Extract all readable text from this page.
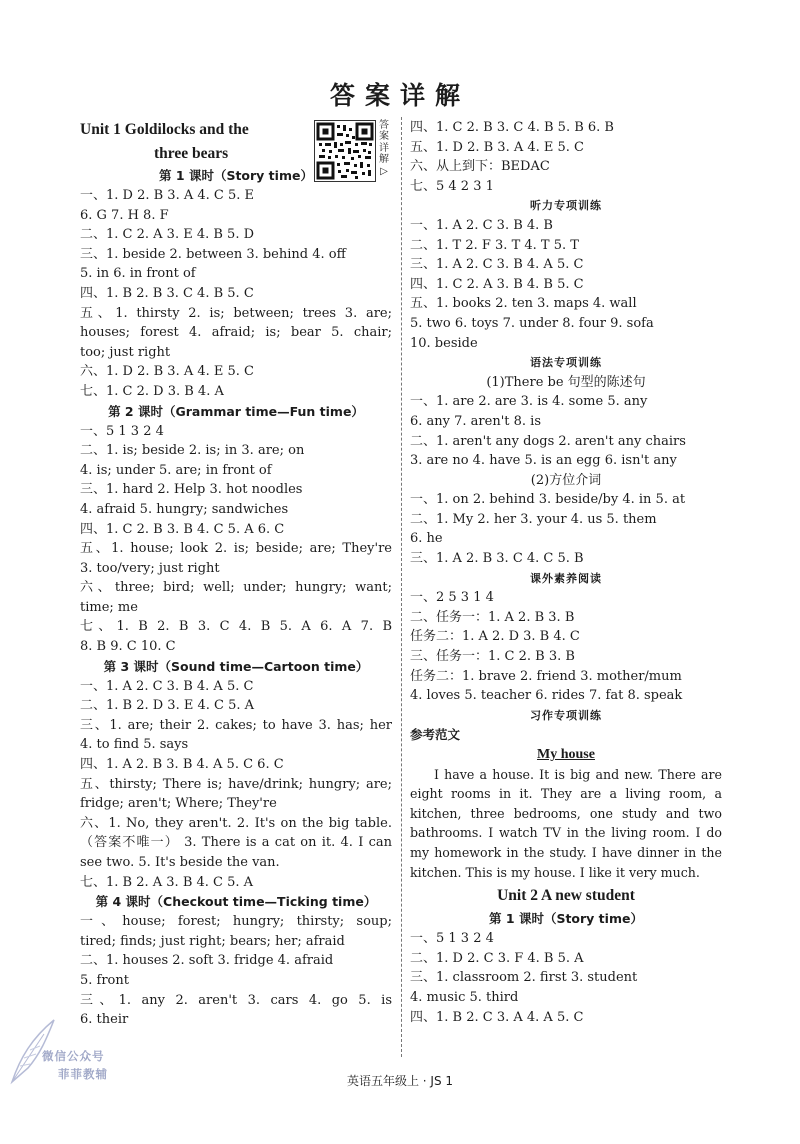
答案详解
Unit 1 Goldilocks and the
three bears
第 1 课时（Story time）
一、1. D 2. B 3. A 4. C 5. E
6. G 7. H 8. F
二、1. C 2. A 3. E 4. B 5. D
三、1. beside 2. between 3. behind 4. off
5. in 6. in front of
四、1. B 2. B 3. C 4. B 5. C
五、1. thirsty 2. is; between; trees 3. are;
houses; forest 4. afraid; is; bear 5. chair;
too; just right
六、1. D 2. B 3. A 4. E 5. C
七、1. C 2. D 3. B 4. A
第 2 课时（Grammar time—Fun time）
一、5 1 3 2 4
二、1. is; beside 2. is; in 3. are; on
4. is; under 5. are; in front of
三、1. hard 2. Help 3. hot noodles
4. afraid 5. hungry; sandwiches
四、1. C 2. B 3. B 4. C 5. A 6. C
五、1. house; look 2. is; beside; are; They're
3. too/very; just right
六、three; bird; well; under; hungry; want;
time; me
七、1. B 2. B 3. C 4. B 5. A 6. A 7. B
8. B 9. C 10. C
第 3 课时（Sound time—Cartoon time）
一、1. A 2. C 3. B 4. A 5. C
二、1. B 2. D 3. E 4. C 5. A
三、1. are; their 2. cakes; to have 3. has; her
4. to find 5. says
四、1. A 2. B 3. B 4. A 5. C 6. C
五、thirsty; There is; have/drink; hungry; are;
fridge; aren't; Where; They're
六、1. No, they aren't. 2. It's on the big table.
（答案不唯一） 3. There is a cat on it. 4. I can
see two. 5. It's beside the van.
七、1. B 2. A 3. B 4. C 5. A
第 4 课时（Checkout time—Ticking time）
一、house; forest; hungry; thirsty; soup;
tired; finds; just right; bears; her; afraid
二、1. houses 2. soft 3. fridge 4. afraid
5. front
三、1. any 2. aren't 3. cars 4. go 5. is
6. their
答
案
详
解
▷
四、1. C 2. B 3. C 4. B 5. B 6. B
五、1. D 2. B 3. A 4. E 5. C
六、从上到下：BEDAC
七、5 4 2 3 1
听力专项训练
一、1. A 2. C 3. B 4. B
二、1. T 2. F 3. T 4. T 5. T
三、1. A 2. C 3. B 4. A 5. C
四、1. C 2. A 3. B 4. B 5. C
五、1. books 2. ten 3. maps 4. wall
5. two 6. toys 7. under 8. four 9. sofa
10. beside
语法专项训练
(1)There be 句型的陈述句
一、1. are 2. are 3. is 4. some 5. any
6. any 7. aren't 8. is
二、1. aren't any dogs 2. aren't any chairs
3. are no 4. have 5. is an egg 6. isn't any
(2)方位介词
一、1. on 2. behind 3. beside/by 4. in 5. at
二、1. My 2. her 3. your 4. us 5. them
6. he
三、1. A 2. B 3. C 4. C 5. B
课外素养阅读
一、2 5 3 1 4
二、任务一：1. A 2. B 3. B
任务二：1. A 2. D 3. B 4. C
三、任务一：1. C 2. B 3. B
任务二：1. brave 2. friend 3. mother/mum
4. loves 5. teacher 6. rides 7. fat 8. speak
习作专项训练
参考范文
My house

I have a house. It is big and new. There are eight rooms in it. They are a living room, a kitchen, three bedrooms, one study and two bathrooms. I watch TV in the living room. I do my homework in the study. I have dinner in the kitchen. This is my house. I like it very much.

Unit 2 A new student
第 1 课时（Story time）
一、5 1 3 2 4
二、1. D 2. C 3. F 4. B 5. A
三、1. classroom 2. first 3. student
4. music 5. third
四、1. B 2. C 3. A 4. A 5. C
英语五年级上 · JS 1
微信公众号
菲菲教辅
